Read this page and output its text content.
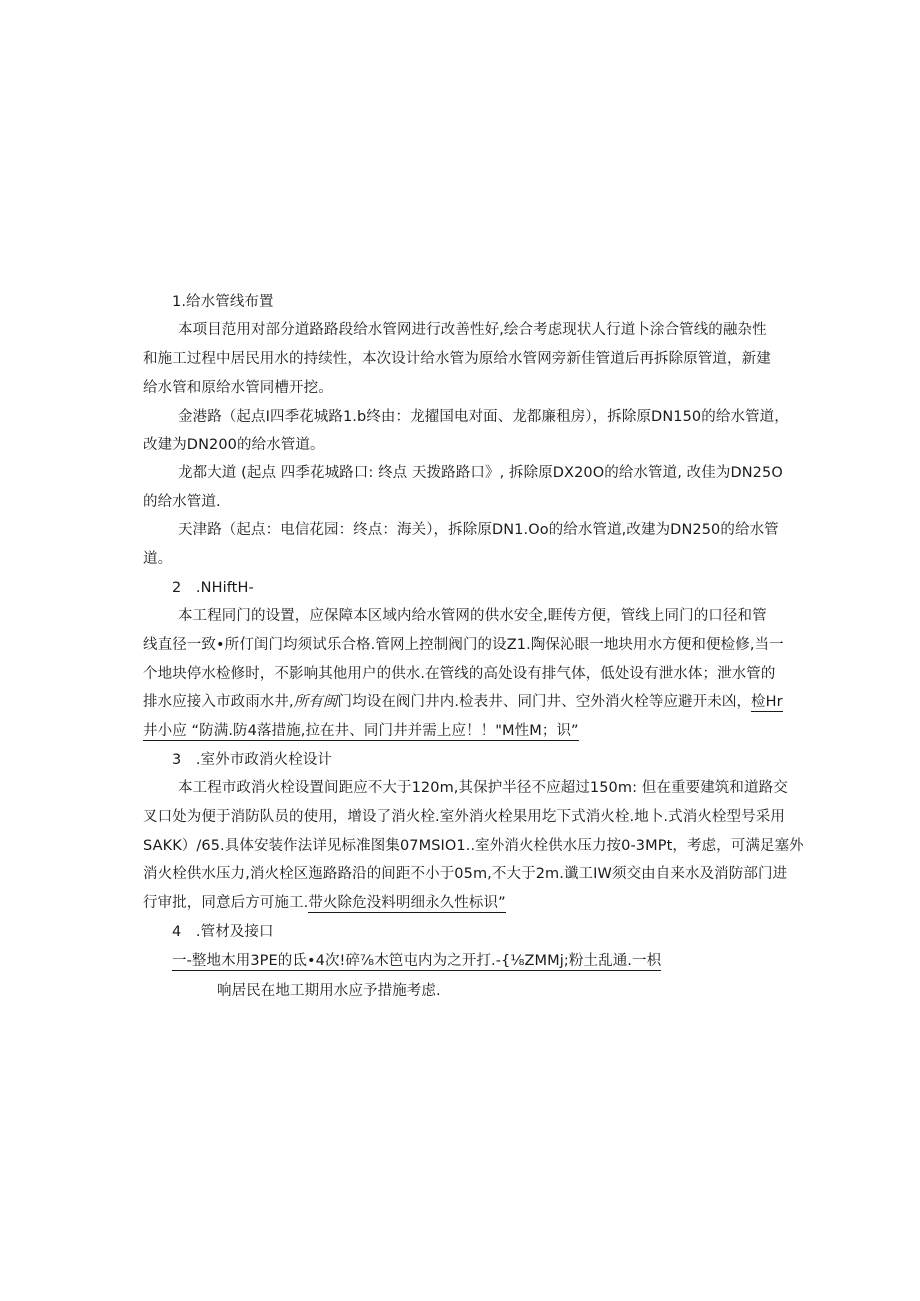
1.给水管线布置
本项目范用对部分道路路段给水管网进行改善性好,绘合考虑现状人行道卜涂合管线的融杂性
和施工过程中居民用水的持续性，本次设计给水管为原给水管网旁新佳管道后再拆除原管道，新建
给水管和原给水管同槽开挖。
金港路（起点I四季花城路1.b终由：龙擢国电对面、龙都廉租房），拆除原DN150的给水管道，
改建为DN200的给水管道。
龙都大道 (起点 四季花城路口: 终点 天拨路路口》, 拆除原DX20O的给水管道, 改佳为DN25O
的给水管道.
天津路（起点：电信花园：终点：海关），拆除原DN1.Oo的给水管道,改建为DN250的给水管
道。
2　.NHiftH-
本工程同门的设置，应保障本区域内给水管网的供水安全,睚传方便，管线上同门的口径和管
线直径一致•所仃闺门均须试乐合格.管网上控制阀门的设Z1.陶保沁眼一地块用水方便和便检修,当一
个地块停水检修时，不影响其他用户的供水.在管线的高处设有排气体，低处设有泄水体；泄水管的
排水应接入市政雨水井,所有闽门均设在阀门井内.检表井、同门井、空外消火栓等应避开未凶，检Hr
井小应 “防满.防4落措施,拉在井、同门井并需上应！！"M性M；识”
3　.室外市政消火栓设计
本工程市政消火栓设置间距应不大于120m,其保护半径不应超过150m: 但在重要建筑和道路交
叉口处为便于消防队员的使用，增设了消火栓.室外消火栓果用圪下式消火栓.地卜.式消火栓型号采用
SAKK）/65.具体安装作法详见标准图集07MSIO1..室外消火栓供水压力按0-3MPt，考虑，可满足塞外
消火栓供水压力,消火栓区迤路路沿的间距不小于05m,不大于2m.谶工IW须交由自来水及消防部门进
行审批，同意后方可施工.带火除危没料明细永久性标识”
4　.管材及接口
一-整地木用3PE的氐•4次!碎⅞木笆屯内为之开打.-{⅛ZMMj;粉土乱通.一枳
响居民在地工期用水应予措施考虑.
